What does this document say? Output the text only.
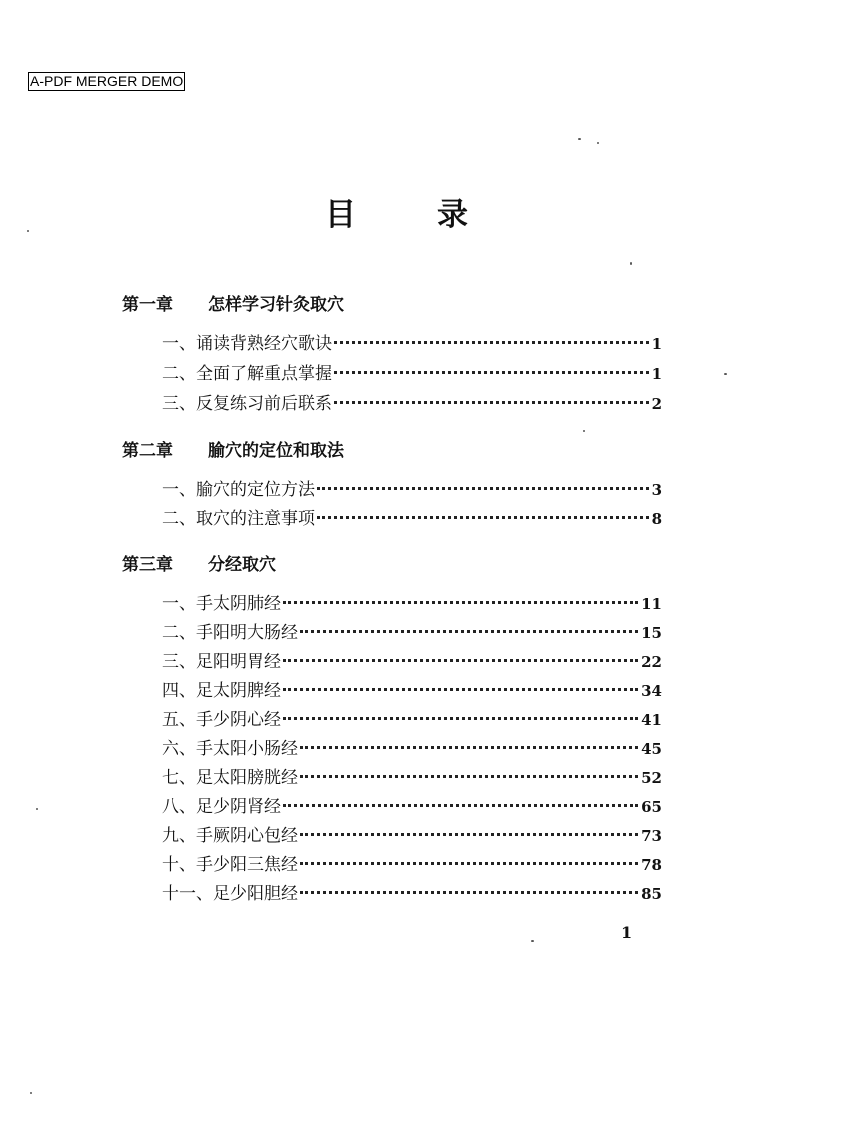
A-PDF MERGER DEMO
目	录
第一章 怎样学习针灸取穴
一、诵读背熟经穴歌诀	1
二、全面了解重点掌握	1
三、反复练习前后联系	2
第二章 腧穴的定位和取法
一、腧穴的定位方法	3
二、取穴的注意事项	8
第三章 分经取穴
一、手太阴肺经	11
二、手阳明大肠经	15
三、足阳明胃经	22
四、足太阴脾经	34
五、手少阴心经	41
六、手太阳小肠经	45
七、足太阳膀胱经	52
八、足少阴肾经	65
九、手厥阴心包经	73
十、手少阳三焦经	78
十一、足少阳胆经	85
1
